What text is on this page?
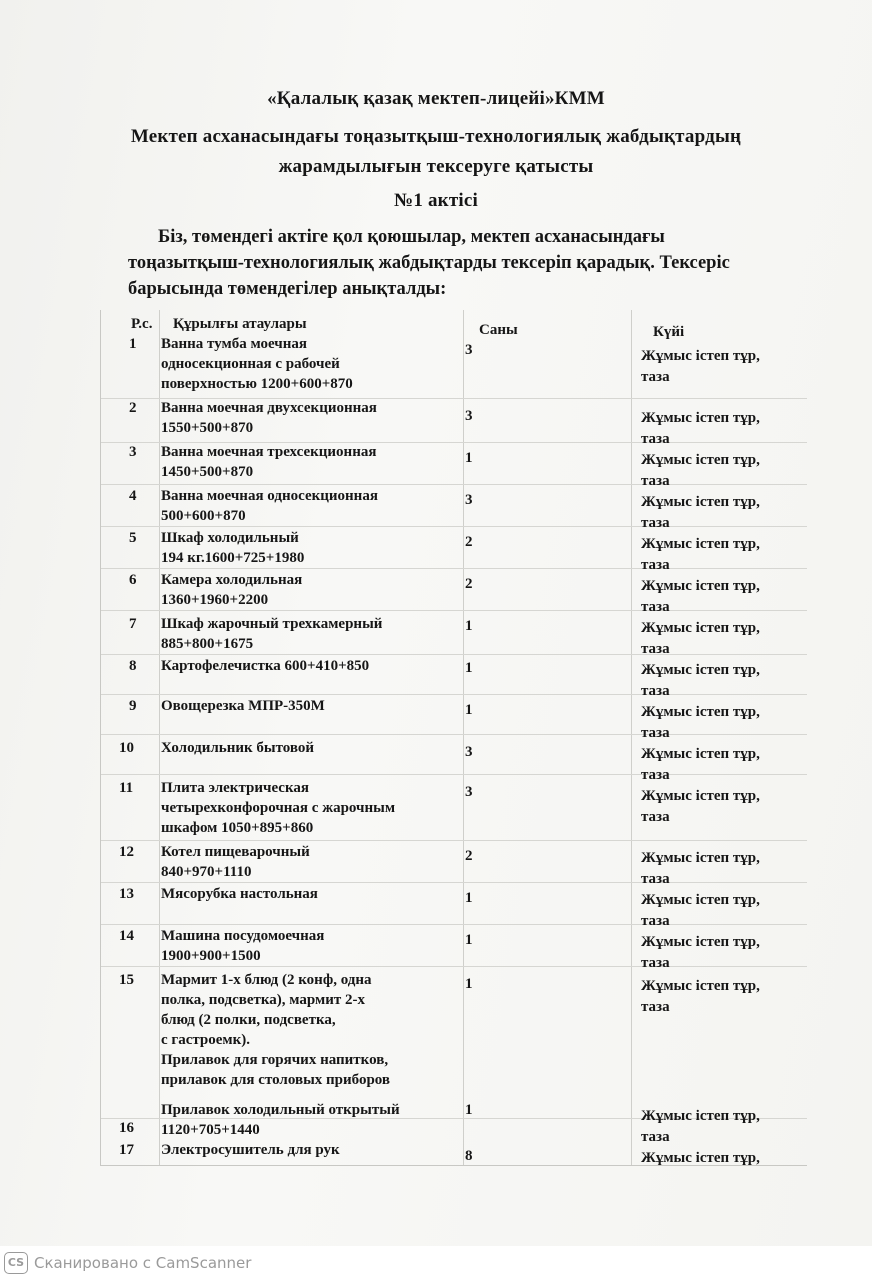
«Қалалық қазақ мектеп-лицейі»КММ
Мектеп асханасындағы тоңазытқыш-технологиялық жабдықтардың
жарамдылығын тексеруге қатысты
№1 актісі
Біз, төмендегі актіге қол қоюшылар, мектеп асханасындағы
тоңазытқыш-технологиялық жабдықтарды тексеріп қарадық. Тексеріс
барысында төмендегілер анықталды:
Р.с.	Құрылғы атаулары	Саны	Күйі
1	Ванна тумба моечная
односекционная с рабочей
поверхностью 1200+600+870
3	Жұмыс істеп тұр,
таза
2	Ванна моечная двухсекционная
1550+500+870
3	Жұмыс істеп тұр,
таза
3	Ванна моечная трехсекционная
1450+500+870
1	Жұмыс істеп тұр,
таза
4	Ванна моечная односекционная
500+600+870
3	Жұмыс істеп тұр,
таза
5	Шкаф холодильный
194 кг.1600+725+1980
2	Жұмыс істеп тұр,
таза
6	Камера холодильная
1360+1960+2200
2	Жұмыс істеп тұр,
таза
7	Шкаф жарочный трехкамерный
885+800+1675
1	Жұмыс істеп тұр,
таза
8	Картофелечистка 600+410+850	1	Жұмыс істеп тұр,
таза
9	Овощерезка МПР-350М	1	Жұмыс істеп тұр,
таза
10	Холодильник бытовой	3	Жұмыс істеп тұр,
таза
11	Плита электрическая
четырехконфорочная с жарочным
шкафом 1050+895+860
3	Жұмыс істеп тұр,
таза
12	Котел пищеварочный
840+970+1110
2	Жұмыс істеп тұр,
таза
13	Мясорубка настольная	1	Жұмыс істеп тұр,
таза
14	Машина посудомоечная
1900+900+1500
1	Жұмыс істеп тұр,
таза
15	Мармит 1-х блюд (2 конф, одна
полка, подсветка), мармит 2-х
блюд (2 полки, подсветка,
с гастроемк).
Прилавок для горячих напитков,
прилавок для столовых приборов
1	Жұмыс істеп тұр,
таза
16
Прилавок холодильный открытый
1120+705+1440
1	Жұмыс істеп тұр,
таза
17	Электросушитель для рук	8	Жұмыс істеп тұр,
CS Сканировано с CamScanner
